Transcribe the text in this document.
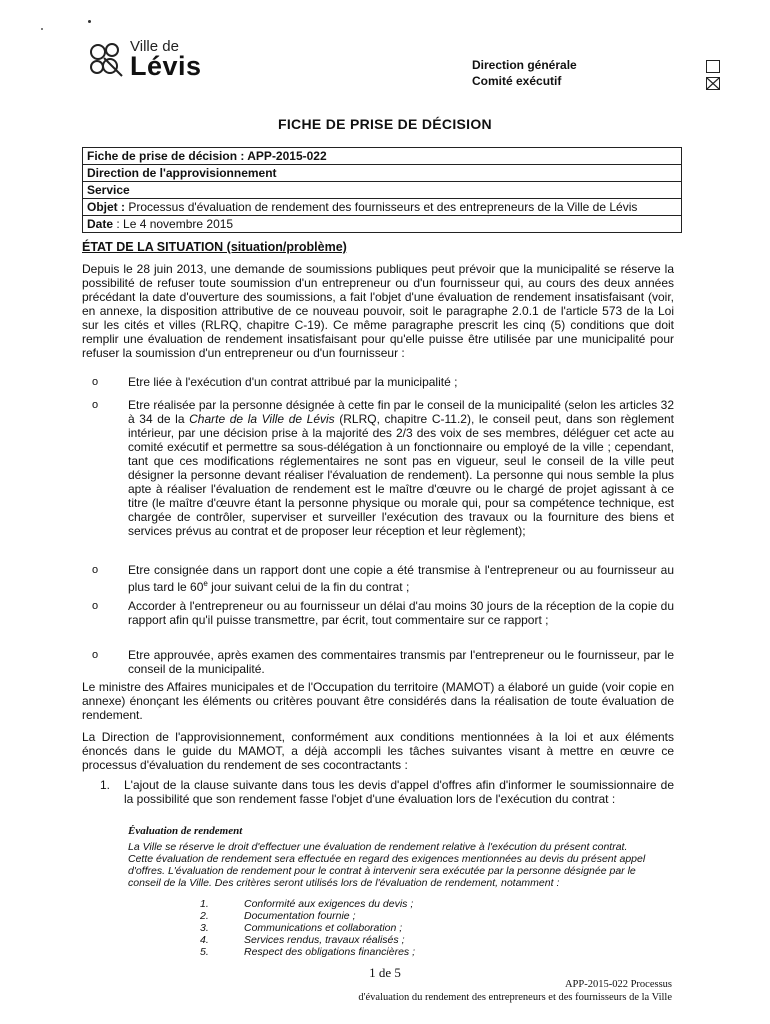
Ville de
Lévis	Direction générale
Comité exécutif
FICHE DE PRISE DE DÉCISION
Fiche de prise de décision : APP-2015-022
Direction de l'approvisionnement
Service
Objet : Processus d'évaluation de rendement des fournisseurs et des entrepreneurs de la Ville de Lévis
Date : Le 4 novembre 2015
ÉTAT DE LA SITUATION (situation/problème)
Depuis le 28 juin 2013, une demande de soumissions publiques peut prévoir que la municipalité se réserve la possibilité de refuser toute soumission d'un entrepreneur ou d'un fournisseur qui, au cours des deux années précédant la date d'ouverture des soumissions, a fait l'objet d'une évaluation de rendement insatisfaisant (voir, en annexe, la disposition attributive de ce nouveau pouvoir, soit le paragraphe 2.0.1 de l'article 573 de la Loi sur les cités et villes (RLRQ, chapitre C-19). Ce même paragraphe prescrit les cinq (5) conditions que doit remplir une évaluation de rendement insatisfaisant pour qu'elle puisse être utilisée par une municipalité pour refuser la soumission d'un entrepreneur ou d'un fournisseur :
o	Etre liée à l'exécution d'un contrat attribué par la municipalité ;
o	Etre réalisée par la personne désignée à cette fin par le conseil de la municipalité (selon les articles 32 à 34 de la Charte de la Ville de Lévis (RLRQ, chapitre C-11.2), le conseil peut, dans son règlement intérieur, par une décision prise à la majorité des 2/3 des voix de ses membres, déléguer cet acte au comité exécutif et permettre sa sous-délégation à un fonctionnaire ou employé de la ville ; cependant, tant que ces modifications réglementaires ne sont pas en vigueur, seul le conseil de la ville peut désigner la personne devant réaliser l'évaluation de rendement). La personne qui nous semble la plus apte à réaliser l'évaluation de rendement est le maître d'œuvre ou le chargé de projet agissant à ce titre (le maître d'œuvre étant la personne physique ou morale qui, pour sa compétence technique, est chargée de contrôler, superviser et surveiller l'exécution des travaux ou la fourniture des biens et services prévus au contrat et de proposer leur réception et leur règlement);
o	Etre consignée dans un rapport dont une copie a été transmise à l'entrepreneur ou au fournisseur au plus tard le 60e jour suivant celui de la fin du contrat ;
o	Accorder à l'entrepreneur ou au fournisseur un délai d'au moins 30 jours de la réception de la copie du rapport afin qu'il puisse transmettre, par écrit, tout commentaire sur ce rapport ;
o	Etre approuvée, après examen des commentaires transmis par l'entrepreneur ou le fournisseur, par le conseil de la municipalité.
Le ministre des Affaires municipales et de l'Occupation du territoire (MAMOT) a élaboré un guide (voir copie en annexe) énonçant les éléments ou critères pouvant être considérés dans la réalisation de toute évaluation de rendement.
La Direction de l'approvisionnement, conformément aux conditions mentionnées à la loi et aux éléments énoncés dans le guide du MAMOT, a déjà accompli les tâches suivantes visant à mettre en œuvre ce processus d'évaluation du rendement de ses cocontractants :
1. L'ajout de la clause suivante dans tous les devis d'appel d'offres afin d'informer le soumissionnaire de la possibilité que son rendement fasse l'objet d'une évaluation lors de l'exécution du contrat :
Évaluation de rendement
La Ville se réserve le droit d'effectuer une évaluation de rendement relative à l'exécution du présent contrat. Cette évaluation de rendement sera effectuée en regard des exigences mentionnées au devis du présent appel d'offres. L'évaluation de rendement pour le contrat à intervenir sera exécutée par la personne désignée par le conseil de la Ville. Des critères seront utilisés lors de l'évaluation de rendement, notamment :
1.	Conformité aux exigences du devis ;
2.	Documentation fournie ;
3.	Communications et collaboration ;
4.	Services rendus, travaux réalisés ;
5.	Respect des obligations financières ;
1 de 5
APP-2015-022 Processus
d'évaluation du rendement des entrepreneurs et des fournisseurs de la Ville
